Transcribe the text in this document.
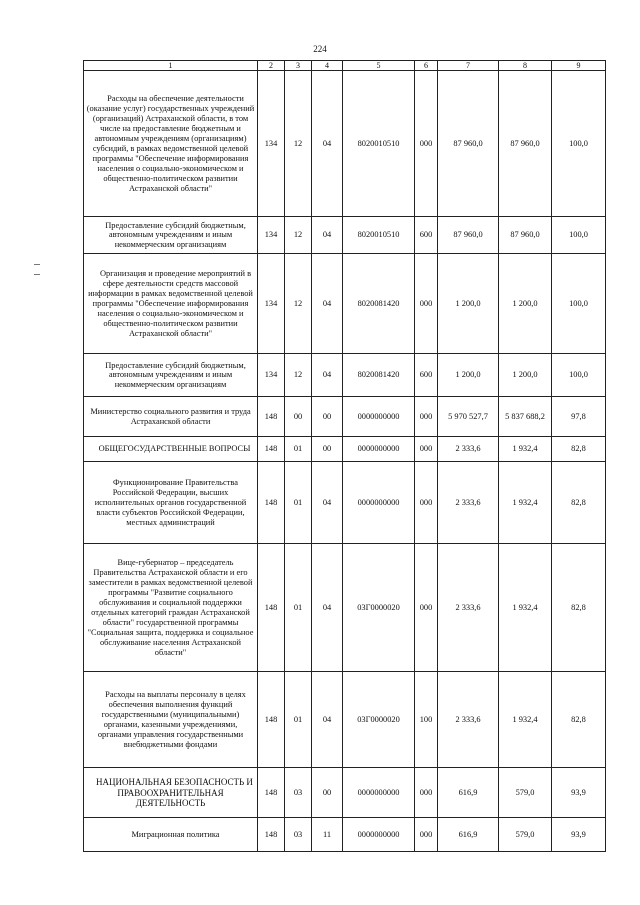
224
1	2	3	4	5	6	7	8	9

Расходы на обеспечение деятельности (оказание услуг) государственных учреждений (организаций) Астраханской области, в том числе на предоставление бюджетным и автономным учреждениям (организациям) субсидий, в рамках ведомственной целевой программы "Обеспечение информирования населения о социально-экономическом и общественно-политическом развитии Астраханской области"	134	12	04	8020010510	000	87 960,0	87 960,0	100,0

Предоставление субсидий бюджетным, автономным учреждениям и иным некоммерческим организациям	134	12	04	8020010510	600	87 960,0	87 960,0	100,0

Организация и проведение мероприятий в сфере деятельности средств массовой информации в рамках ведомственной целевой программы "Обеспечение информирования населения о социально-экономическом и общественно-политическом развитии Астраханской области"	134	12	04	8020081420	000	1 200,0	1 200,0	100,0

Предоставление субсидий бюджетным, автономным учреждениям и иным некоммерческим организациям	134	12	04	8020081420	600	1 200,0	1 200,0	100,0
Министерство социального развития и труда Астраханской области	148	00	00	0000000000	000	5 970 527,7	5 837 688,2	97,8

ОБЩЕГОСУДАРСТВЕННЫЕ ВОПРОСЫ	148	01	00	0000000000	000	2 333,6	1 932,4	82,8

Функционирование Правительства Российской Федерации, высших исполнительных органов государственной власти субъектов Российской Федерации, местных администраций	148	01	04	0000000000	000	2 333,6	1 932,4	82,8

Вице-губернатор – председатель Правительства Астраханской области и его заместители в рамках ведомственной целевой программы "Развитие социального обслуживания и социальной поддержки отдельных категорий граждан Астраханской области" государственной программы "Социальная защита, поддержка и социальное обслуживание населения Астраханской области"	148	01	04	03Г0000020	000	2 333,6	1 932,4	82,8

Расходы на выплаты персоналу в целях обеспечения выполнения функций государственными (муниципальными) органами, казенными учреждениями, органами управления государственными внебюджетными фондами	148	01	04	03Г0000020	100	2 333,6	1 932,4	82,8

НАЦИОНАЛЬНАЯ БЕЗОПАСНОСТЬ И ПРАВООХРАНИТЕЛЬНАЯ ДЕЯТЕЛЬНОСТЬ	148	03	00	0000000000	000	616,9	579,0	93,9

Миграционная политика	148	03	11	0000000000	000	616,9	579,0	93,9
